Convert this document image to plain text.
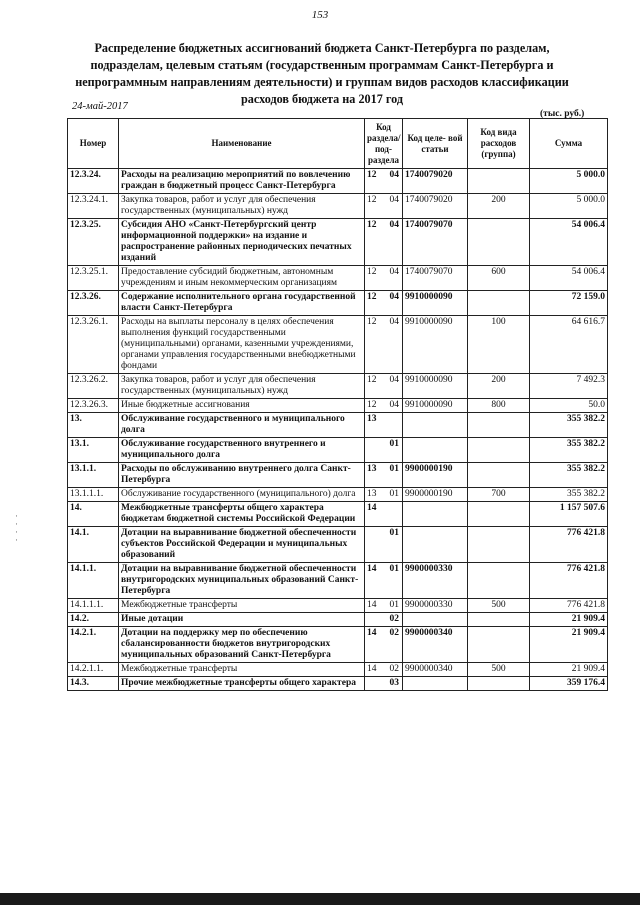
153
Распределение бюджетных ассигнований бюджета Санкт-Петербурга по разделам, подразделам, целевым статьям (государственным программам Санкт-Петербурга и непрограммным направлениям деятельности) и группам видов расходов классификации расходов бюджета на 2017 год
24-май-2017
(тыс. руб.)
·
·
·
·
Номер	Наименование	Код раздела/ под- раздела	Код целе- вой статьи	Код вида расходов (группа)	Сумма
12.3.24.	Расходы на реализацию мероприятий по вовлечению граждан в бюджетный процесс Санкт-Петербурга	12 04	1740079020		5 000.0
12.3.24.1.	Закупка товаров, работ и услуг для обеспечения государственных (муниципальных) нужд	12 04	1740079020	200	5 000.0
12.3.25.	Субсидия АНО «Санкт-Петербургский центр информационной поддержки» на издание и распространение районных периодических печатных изданий	12 04	1740079070		54 006.4
12.3.25.1.	Предоставление субсидий бюджетным, автономным учреждениям и иным некоммерческим организациям	12 04	1740079070	600	54 006.4
12.3.26.	Содержание исполнительного органа государственной власти Санкт-Петербурга	12 04	9910000090		72 159.0
12.3.26.1.	Расходы на выплаты персоналу в целях обеспечения выполнения функций государственными (муниципальными) органами, казенными учреждениями, органами управления государственными внебюджетными фондами	12 04	9910000090	100	64 616.7
12.3.26.2.	Закупка товаров, работ и услуг для обеспечения государственных (муниципальных) нужд	12 04	9910000090	200	7 492.3
12.3.26.3.	Иные бюджетные ассигнования	12 04	9910000090	800	50.0
13.	Обслуживание государственного и муниципального долга	13			355 382.2
13.1.	Обслуживание государственного внутреннего и муниципального долга	01			355 382.2
13.1.1.	Расходы по обслуживанию внутреннего долга Санкт-Петербурга	13 01	9900000190		355 382.2
13.1.1.1.	Обслуживание государственного (муниципального) долга	13 01	9900000190	700	355 382.2
14.	Межбюджетные трансферты общего характера бюджетам бюджетной системы Российской Федерации	14			1 157 507.6
14.1.	Дотации на выравнивание бюджетной обеспеченности субъектов Российской Федерации и муниципальных образований	01			776 421.8
14.1.1.	Дотации на выравнивание бюджетной обеспеченности внутригородских муниципальных образований Санкт-Петербурга	14 01	9900000330		776 421.8
14.1.1.1.	Межбюджетные трансферты	14 01	9900000330	500	776 421.8
14.2.	Иные дотации	02			21 909.4
14.2.1.	Дотации на поддержку мер по обеспечению сбалансированности бюджетов внутригородских муниципальных образований Санкт-Петербурга	14 02	9900000340		21 909.4
14.2.1.1.	Межбюджетные трансферты	14 02	9900000340	500	21 909.4
14.3.	Прочие межбюджетные трансферты общего характера	03			359 176.4
